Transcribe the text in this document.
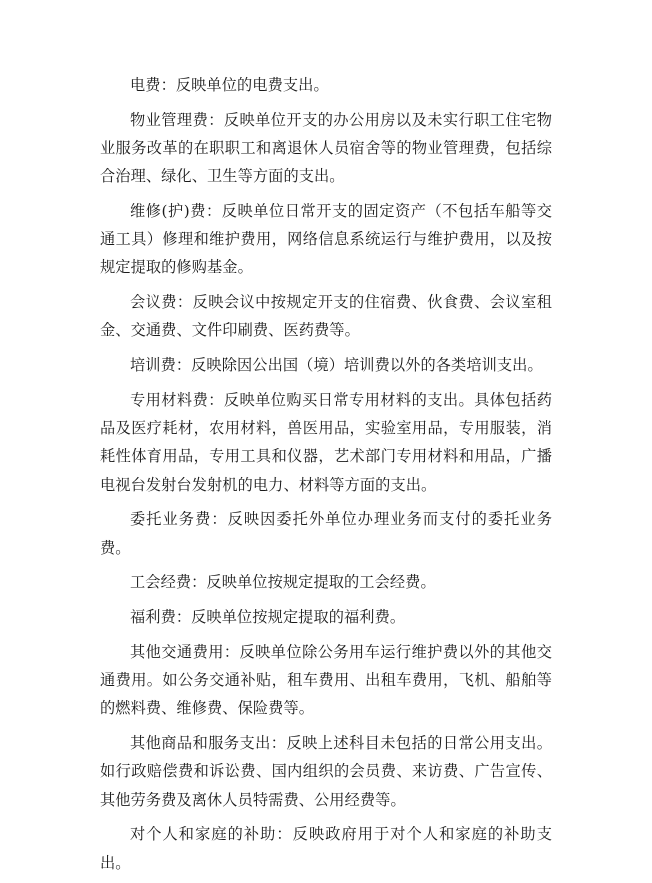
电费：反映单位的电费支出。

物业管理费：反映单位开支的办公用房以及未实行职工住宅物业服务改革的在职职工和离退休人员宿舍等的物业管理费，包括综合治理、绿化、卫生等方面的支出。

维修(护)费：反映单位日常开支的固定资产（不包括车船等交通工具）修理和维护费用，网络信息系统运行与维护费用，以及按规定提取的修购基金。

会议费：反映会议中按规定开支的住宿费、伙食费、会议室租金、交通费、文件印刷费、医药费等。

培训费：反映除因公出国（境）培训费以外的各类培训支出。

专用材料费：反映单位购买日常专用材料的支出。具体包括药品及医疗耗材，农用材料，兽医用品，实验室用品，专用服装，消耗性体育用品，专用工具和仪器，艺术部门专用材料和用品，广播电视台发射台发射机的电力、材料等方面的支出。

委托业务费：反映因委托外单位办理业务而支付的委托业务费。

工会经费：反映单位按规定提取的工会经费。

福利费：反映单位按规定提取的福利费。

其他交通费用：反映单位除公务用车运行维护费以外的其他交通费用。如公务交通补贴，租车费用、出租车费用，飞机、船舶等的燃料费、维修费、保险费等。

其他商品和服务支出：反映上述科目未包括的日常公用支出。如行政赔偿费和诉讼费、国内组织的会员费、来访费、广告宣传、其他劳务费及离休人员特需费、公用经费等。

对个人和家庭的补助：反映政府用于对个人和家庭的补助支出。
